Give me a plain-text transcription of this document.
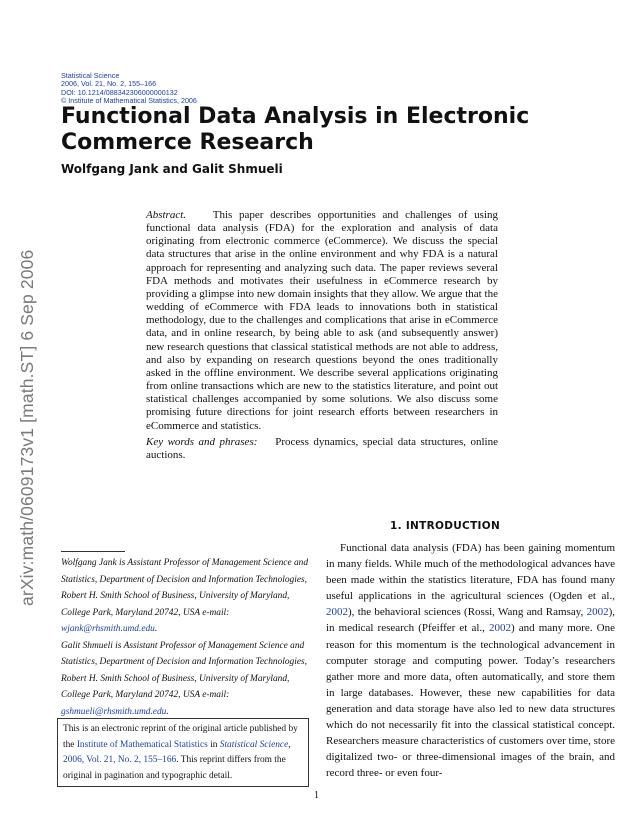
arXiv:math/0609173v1 [math.ST] 6 Sep 2006
Statistical Science
2006, Vol. 21, No. 2, 155–166
DOI: 10.1214/088342306000000132
© Institute of Mathematical Statistics, 2006
Functional Data Analysis in Electronic Commerce Research
Wolfgang Jank and Galit Shmueli
Abstract. This paper describes opportunities and challenges of using functional data analysis (FDA) for the exploration and analysis of data originating from electronic commerce (eCommerce). We discuss the special data structures that arise in the online environment and why FDA is a natural approach for representing and analyzing such data. The paper reviews several FDA methods and motivates their usefulness in eCommerce research by providing a glimpse into new domain insights that they allow. We argue that the wedding of eCommerce with FDA leads to innovations both in statistical methodology, due to the challenges and complications that arise in eCommerce data, and in online research, by being able to ask (and subsequently answer) new research questions that classical statistical methods are not able to address, and also by expanding on research questions beyond the ones traditionally asked in the offline environment. We describe several applications originating from online transactions which are new to the statistics literature, and point out statistical challenges accompanied by some solutions. We also discuss some promising future directions for joint research efforts between researchers in eCommerce and statistics.
Key words and phrases: Process dynamics, special data structures, online auctions.
1. INTRODUCTION

Functional data analysis (FDA) has been gaining momentum in many fields. While much of the methodological advances have been made within the statistics literature, FDA has found many useful applications in the agricultural sciences (Ogden et al., 2002), the behavioral sciences (Rossi, Wang and Ramsay, 2002), in medical research (Pfeiffer et al., 2002) and many more. One reason for this momentum is the technological advancement in computer storage and computing power. Today’s researchers gather more and more data, often automatically, and store them in large databases. However, these new capabilities for data generation and data storage have also led to new data structures which do not necessarily fit into the classical statistical concept. Researchers measure characteristics of customers over time, store digitalized two- or three-dimensional images of the brain, and record three- or even four-

Wolfgang Jank is Assistant Professor of Management Science and Statistics, Department of Decision and Information Technologies, Robert H. Smith School of Business, University of Maryland, College Park, Maryland 20742, USA e-mail: wjank@rhsmith.umd.edu.

Galit Shmueli is Assistant Professor of Management Science and Statistics, Department of Decision and Information Technologies, Robert H. Smith School of Business, University of Maryland, College Park, Maryland 20742, USA e-mail: gshmueli@rhsmith.umd.edu.

This is an electronic reprint of the original article published by the Institute of Mathematical Statistics in Statistical Science, 2006, Vol. 21, No. 2, 155–166. This reprint differs from the original in pagination and typographic detail.
1
